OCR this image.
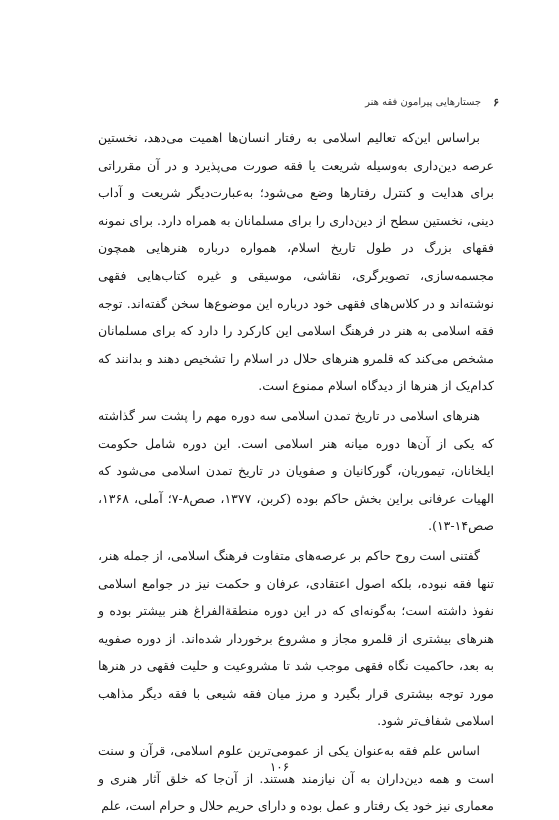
۶
جستارهایی پیرامون فقه هنر

براساس این‌که تعالیم اسلامی به رفتار انسان‌ها اهمیت می‌دهد، نخستین عرصه دین‌داری به‌وسیله شریعت یا فقه صورت می‌پذیرد و در آن مقرراتی برای هدایت و کنترل رفتارها وضع می‌شود؛ به‌عبارت‌دیگر شریعت و آداب دینی، نخستین سطح از دین‌داری را برای مسلمانان به همراه دارد. برای نمونه فقهای بزرگ در طول تاریخ اسلام، همواره درباره هنرهایی همچون مجسمه‌سازی، تصویرگری، نقاشی، موسیقی و غیره کتاب‌هایی فقهی نوشته‌اند و در کلاس‌های فقهی خود درباره این موضوع‌ها سخن گفته‌اند. توجه فقه اسلامی به هنر در فرهنگ اسلامی این کارکرد را دارد که برای مسلمانان مشخص می‌کند که قلمرو هنرهای حلال در اسلام را تشخیص دهند و بدانند که کدام‌یک از هنرها از دیدگاه اسلام ممنوع است.

هنرهای اسلامی در تاریخ تمدن اسلامی سه دوره مهم را پشت سر گذاشته که یکی از آن‌ها دوره میانه هنر اسلامی است. این دوره شامل حکومت ایلخانان، تیموریان، گورکانیان و صفویان در تاریخ تمدن اسلامی می‌شود که الهیات عرفانی براین بخش حاکم بوده (کربن، ۱۳۷۷، صص۸-۷؛ آملی، ۱۳۶۸، صص۱۴-۱۳).

گفتنی است روح حاکم بر عرصه‌های متفاوت فرهنگ اسلامی، از جمله هنر، تنها فقه نبوده، بلکه اصول اعتقادی، عرفان و حکمت نیز در جوامع اسلامی نفوذ داشته است؛ به‌گونه‌ای که در این دوره منطقةالفراغ هنر بیشتر بوده و هنرهای بیشتری از قلمرو مجاز و مشروع برخوردار شده‌اند. از دوره صفویه به بعد، حاکمیت نگاه فقهی موجب شد تا مشروعیت و حلیت فقهی در هنرها مورد توجه بیشتری قرار بگیرد و مرز میان فقه شیعی با فقه دیگر مذاهب اسلامی شفاف‌تر شود.

اساس علم فقه به‌عنوان یکی از عمومی‌ترین علوم اسلامی، قرآن و سنت است و همه دین‌داران به آن نیازمند هستند. از آن‌جا که خلق آثار هنری و معماری نیز خود یک رفتار و عمل بوده و دارای حریم حلال و حرام است، علم

۱۰۶
